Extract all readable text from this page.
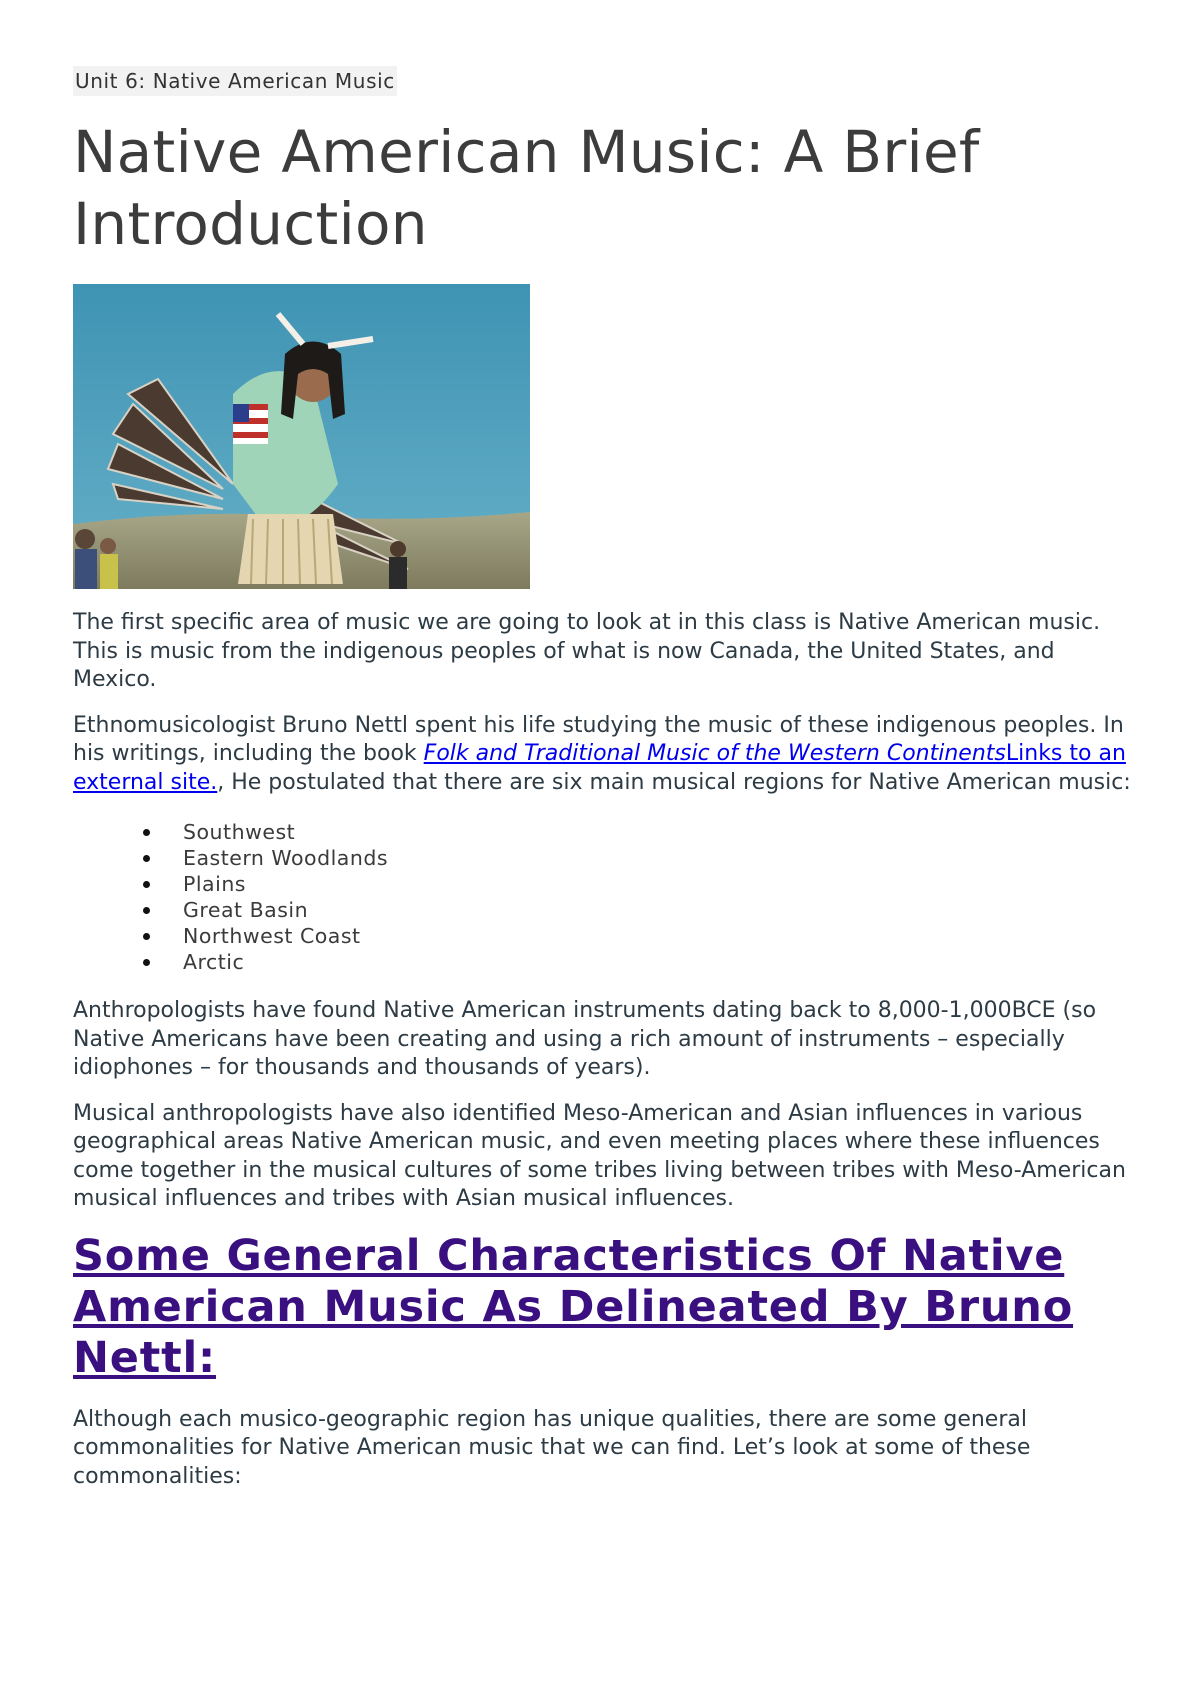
Unit 6: Native American Music
Native American Music: A Brief Introduction

The first specific area of music we are going to look at in this class is Native American music. This is music from the indigenous peoples of what is now Canada, the United States, and Mexico.

Ethnomusicologist Bruno Nettl spent his life studying the music of these indigenous peoples. In his writings, including the book Folk and Traditional Music of the Western ContinentsLinks to an external site., He postulated that there are six main musical regions for Native American music:

Southwest
Eastern Woodlands
Plains
Great Basin
Northwest Coast
Arctic

Anthropologists have found Native American instruments dating back to 8,000-1,000BCE (so Native Americans have been creating and using a rich amount of instruments – especially idiophones – for thousands and thousands of years).

Musical anthropologists have also identified Meso-American and Asian influences in various geographical areas Native American music, and even meeting places where these influences come together in the musical cultures of some tribes living between tribes with Meso-American musical influences and tribes with Asian musical influences.

Some General Characteristics Of Native American Music As Delineated By Bruno Nettl:

Although each musico-geographic region has unique qualities, there are some general commonalities for Native American music that we can find. Let’s look at some of these commonalities:
